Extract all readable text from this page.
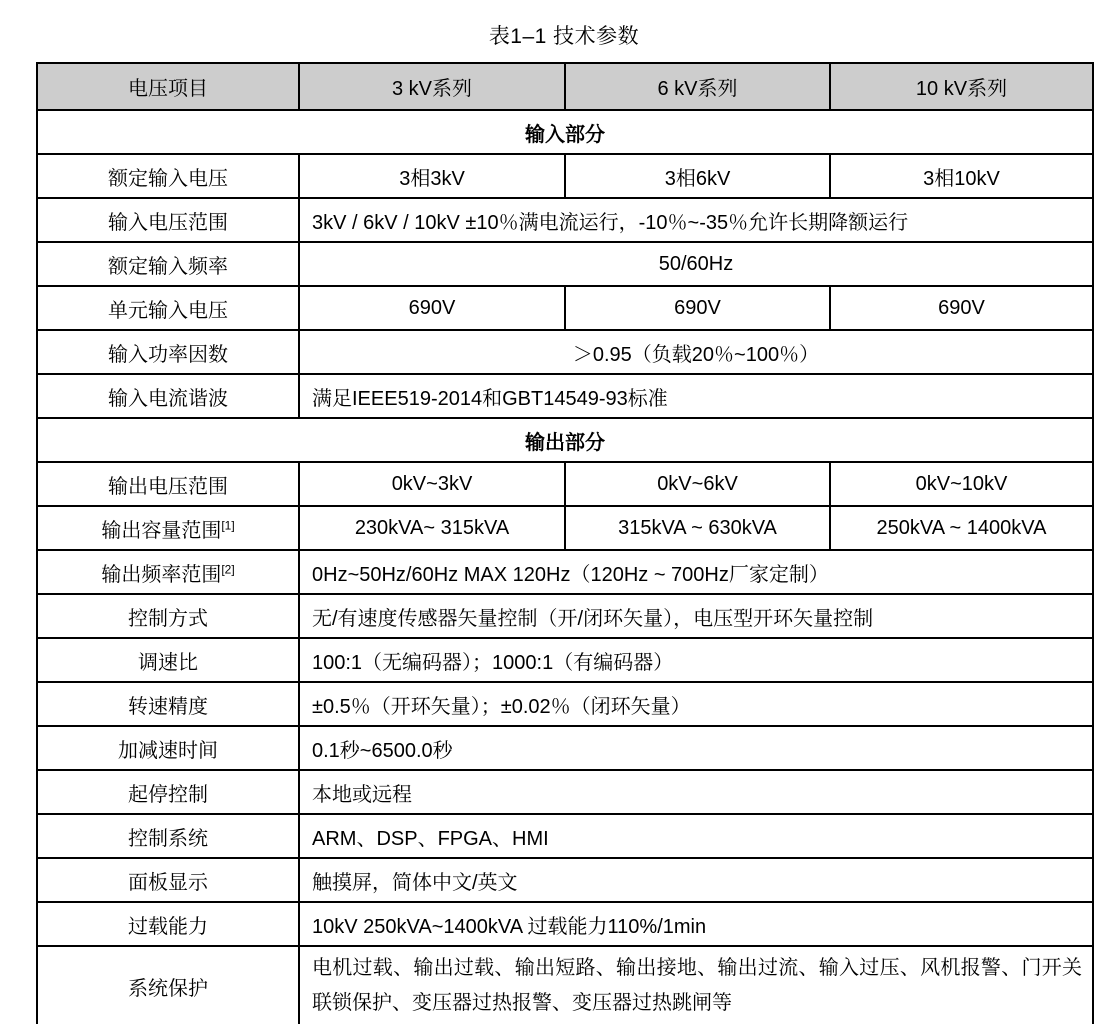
表1–1 技术参数
电压项目	3 kV系列	6 kV系列	10 kV系列
输入部分			
额定输入电压	3相3kV	3相6kV	3相10kV
输入电压范围	3kV / 6kV / 10kV ±10％满电流运行，-10％~-35％允许长期降额运行		
额定输入频率	50/60Hz		
单元输入电压	690V	690V	690V
输入功率因数	＞0.95（负载20％~100％）		
输入电流谐波	满足IEEE519-2014和GBT14549-93标准		
输出部分			
输出电压范围	0kV~3kV	0kV~6kV	0kV~10kV
输出容量范围[1]	230kVA~ 315kVA	315kVA ~ 630kVA	250kVA ~ 1400kVA
输出频率范围[2]	0Hz~50Hz/60Hz MAX 120Hz（120Hz ~ 700Hz厂家定制）		
控制方式	无/有速度传感器矢量控制（开/闭环矢量），电压型开环矢量控制		
调速比	100:1（无编码器）；1000:1（有编码器）		
转速精度	±0.5％（开环矢量）；±0.02％（闭环矢量）		
加减速时间	0.1秒~6500.0秒		
起停控制	本地或远程		
控制系统	ARM、DSP、FPGA、HMI		
面板显示	触摸屏，简体中文/英文		
过载能力	10kV 250kVA~1400kVA 过载能力110%/1min		
系统保护	电机过载、输出过载、输出短路、输出接地、输出过流、输入过压、风机报警、门开关联锁保护、变压器过热报警、变压器过热跳闸等		
